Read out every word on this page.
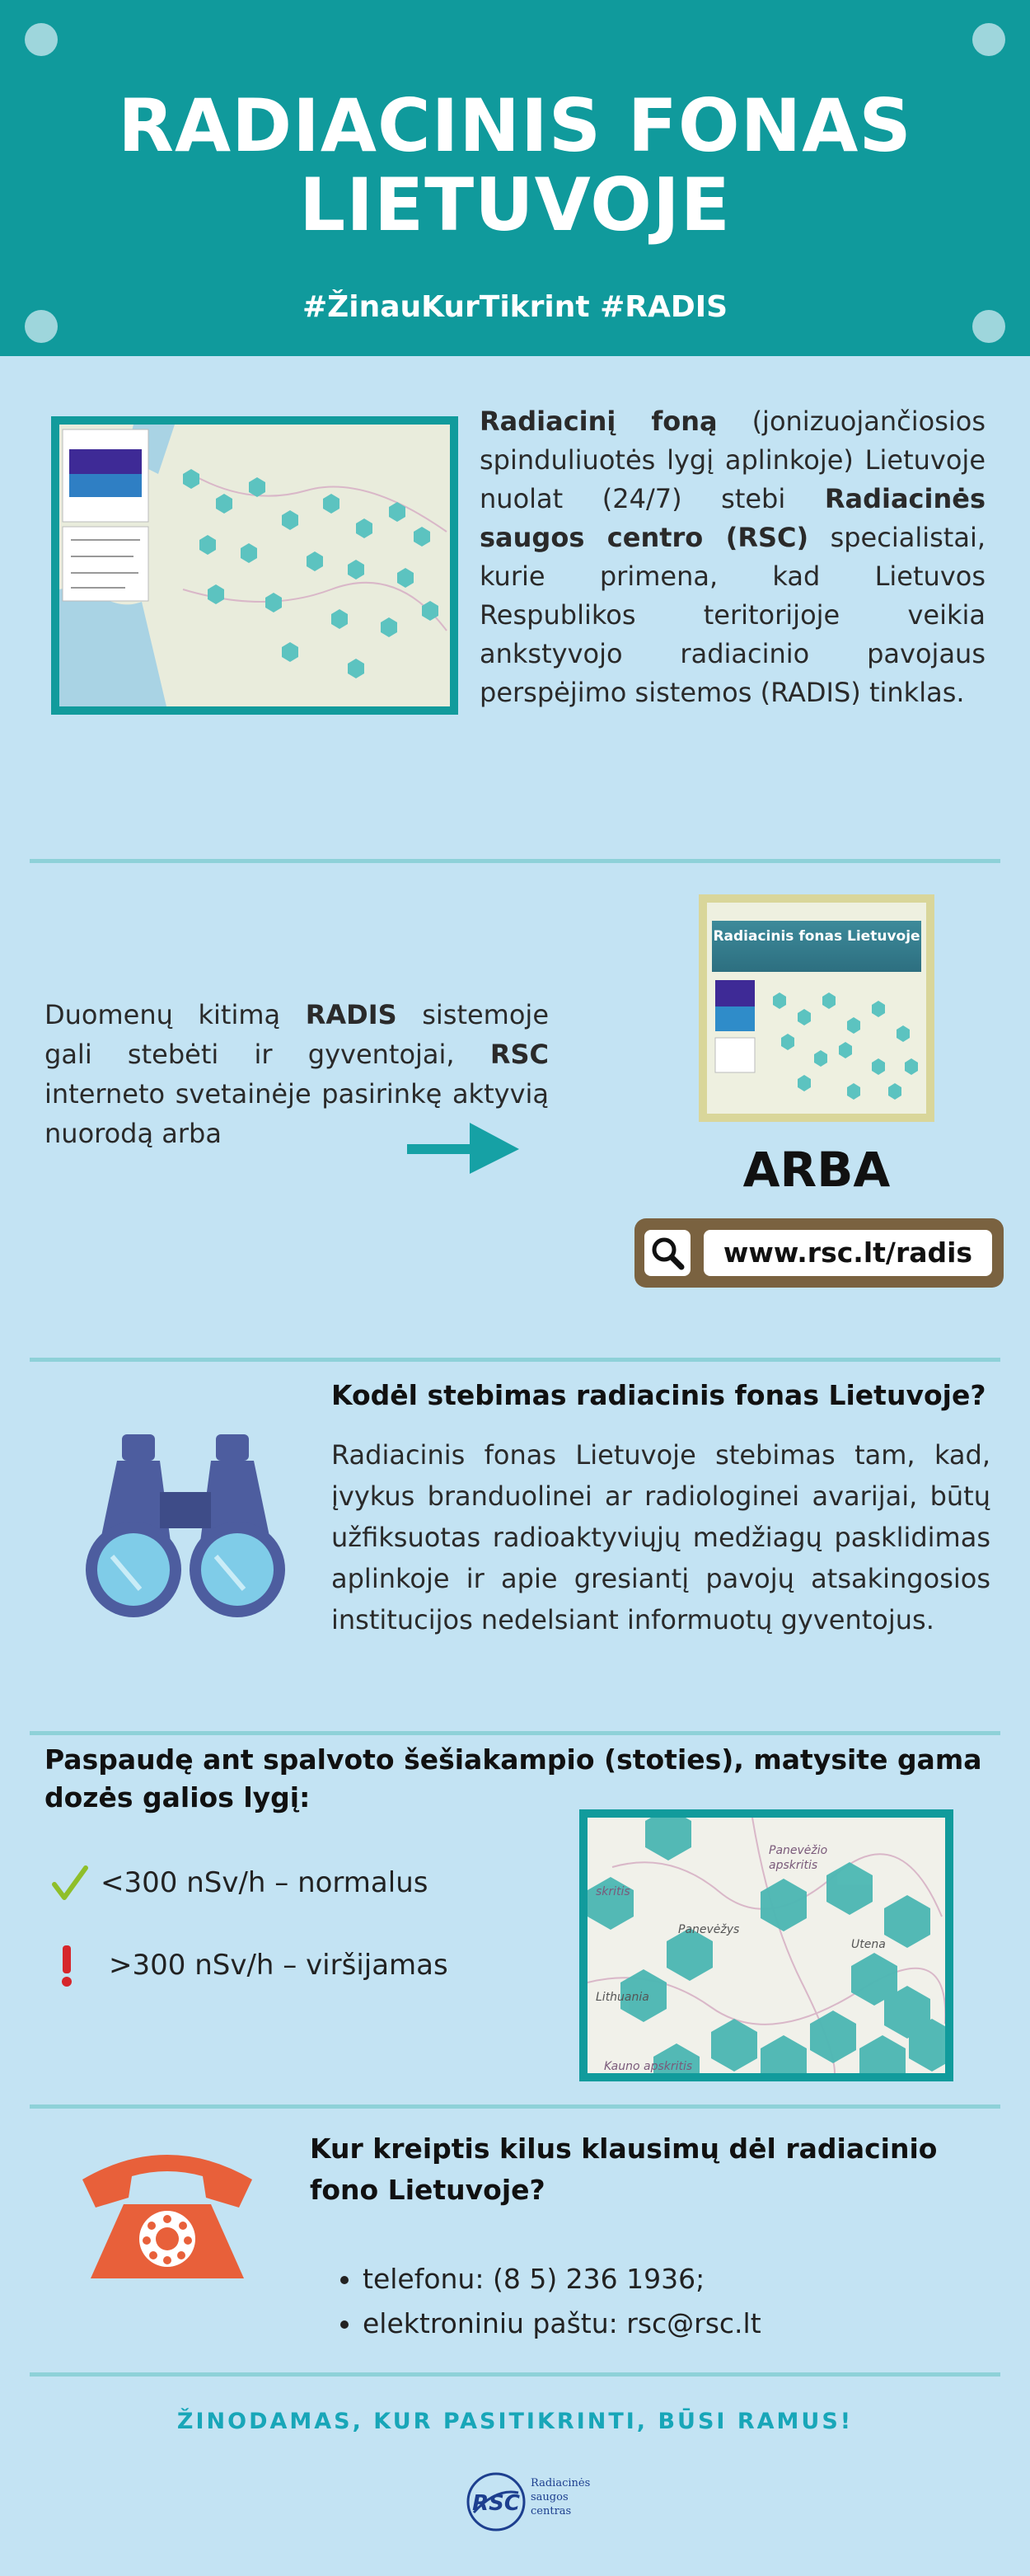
RADIACINIS FONAS
LIETUVOJE
#ŽinauKurTikrint #RADIS
Radiacinį foną (jonizuojančiosios spinduliuotės lygį aplinkoje) Lietuvoje nuolat (24/7) stebi Radiacinės saugos centro (RSC) specialistai, kurie primena, kad Lietuvos Respublikos teritorijoje veikia ankstyvojo radiacinio pavojaus perspėjimo sistemos (RADIS) tinklas.
Duomenų kitimą RADIS sistemoje gali stebėti ir gyventojai, RSC interneto svetainėje pasirinkę aktyvią nuorodą arba
Radiacinis fonas Lietuvoje
ARBA
www.rsc.lt/radis
Kodėl stebimas radiacinis fonas Lietuvoje?
Radiacinis fonas Lietuvoje stebimas tam, kad, įvykus branduolinei ar radiologinei avarijai, būtų užfiksuotas radioaktyviųjų medžiagų pasklidimas aplinkoje ir apie gresiantį pavojų atsakingosios institucijos nedelsiant informuotų gyventojus.
Paspaudę ant spalvoto šešiakampio (stoties), matysite gama dozės galios lygį:
<300 nSv/h – normalus
>300 nSv/h – viršijamas
Panevėžio apskritis
Panevėžys
Lithuania
Utena
Kauno apskritis
skritis
Kur kreiptis kilus klausimų dėl radiacinio fono Lietuvoje?
• telefonu: (8 5) 236 1936;
• elektroniniu paštu: rsc@rsc.lt
ŽINODAMAS, KUR PASITIKRINTI, BŪSI RAMUS!
RSC
Radiacinės
saugos
centras
